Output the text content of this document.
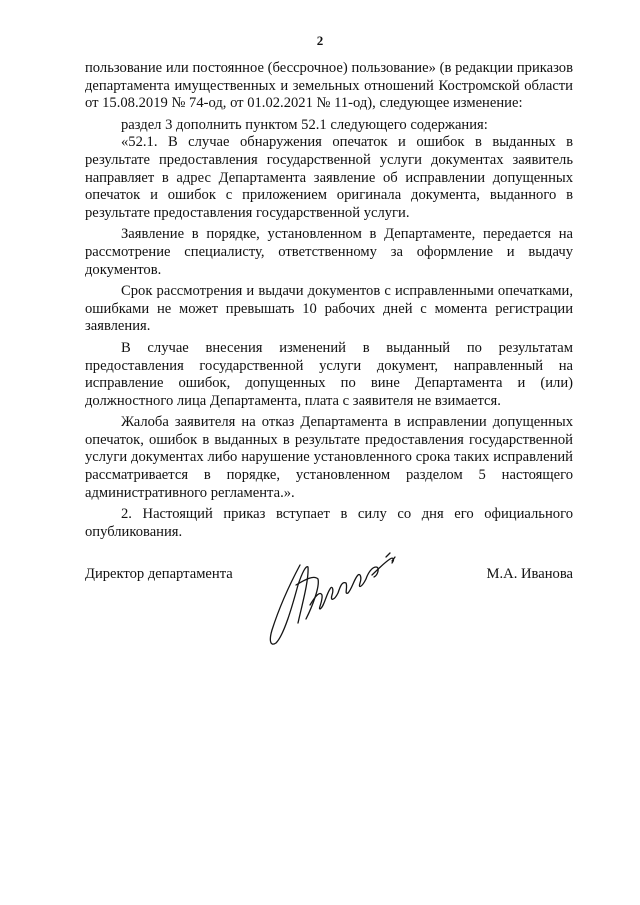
2

пользование или постоянное (бессрочное) пользование» (в редакции приказов департамента имущественных и земельных отношений Костромской области от 15.08.2019 № 74-од, от 01.02.2021 № 11-од), следующее изменение:

раздел 3 дополнить пунктом 52.1 следующего содержания:

«52.1. В случае обнаружения опечаток и ошибок в выданных в результате предоставления государственной услуги документах заявитель направляет в адрес Департамента заявление об исправлении допущенных опечаток и ошибок с приложением оригинала документа, выданного в результате предоставления государственной услуги.

Заявление в порядке, установленном в Департаменте, передается на рассмотрение специалисту, ответственному за оформление и выдачу документов.

Срок рассмотрения и выдачи документов с исправленными опечатками, ошибками не может превышать 10 рабочих дней с момента регистрации заявления.

В случае внесения изменений в выданный по результатам предоставления государственной услуги документ, направленный на исправление ошибок, допущенных по вине Департамента и (или) должностного лица Департамента, плата с заявителя не взимается.

Жалоба заявителя на отказ Департамента в исправлении допущенных опечаток, ошибок в выданных в результате предоставления государственной услуги документах либо нарушение установленного срока таких исправлений рассматривается в порядке, установленном разделом 5 настоящего административного регламента.».

2. Настоящий приказ вступает в силу со дня его официального опубликования.

Директор департамента	М.А. Иванова
